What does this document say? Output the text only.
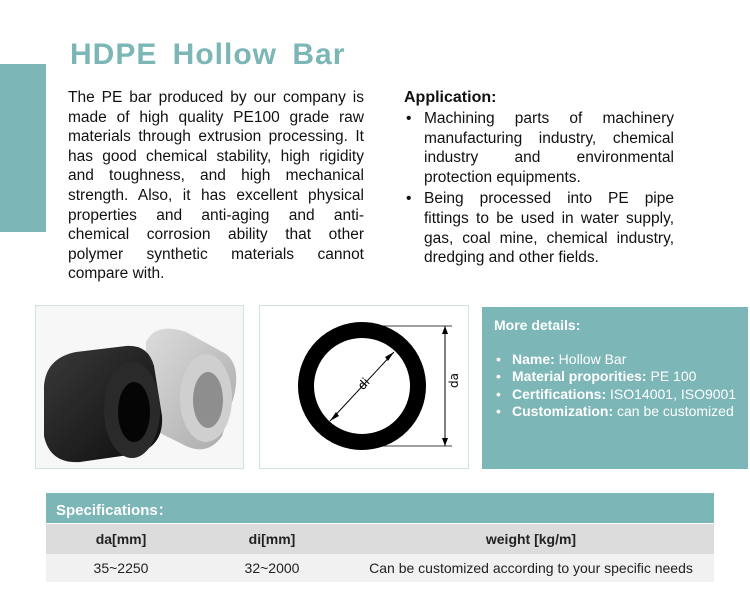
HDPE Hollow Bar

The PE bar produced by our company is made of high quality PE100 grade raw materials through extrusion processing. It has good chemical stability, high rigidity and toughness, and high mechanical strength. Also, it has excellent physical properties and anti-aging and anti-chemical corrosion ability that other polymer synthetic materials cannot compare with.

Application:
• Machining parts of machinery manufacturing industry, chemical industry and environmental protection equipments.
• Being processed into PE pipe fittings to be used in water supply, gas, coal mine, chemical industry, dredging and other fields.
di	da
More details:
• Name: Hollow Bar
• Material proporities: PE 100
• Certifications: ISO14001, ISO9001
• Customization: can be customized
Specifications：
da[mm]	di[mm]	weight [kg/m]
35~2250	32~2000	Can be customized according to your specific needs
